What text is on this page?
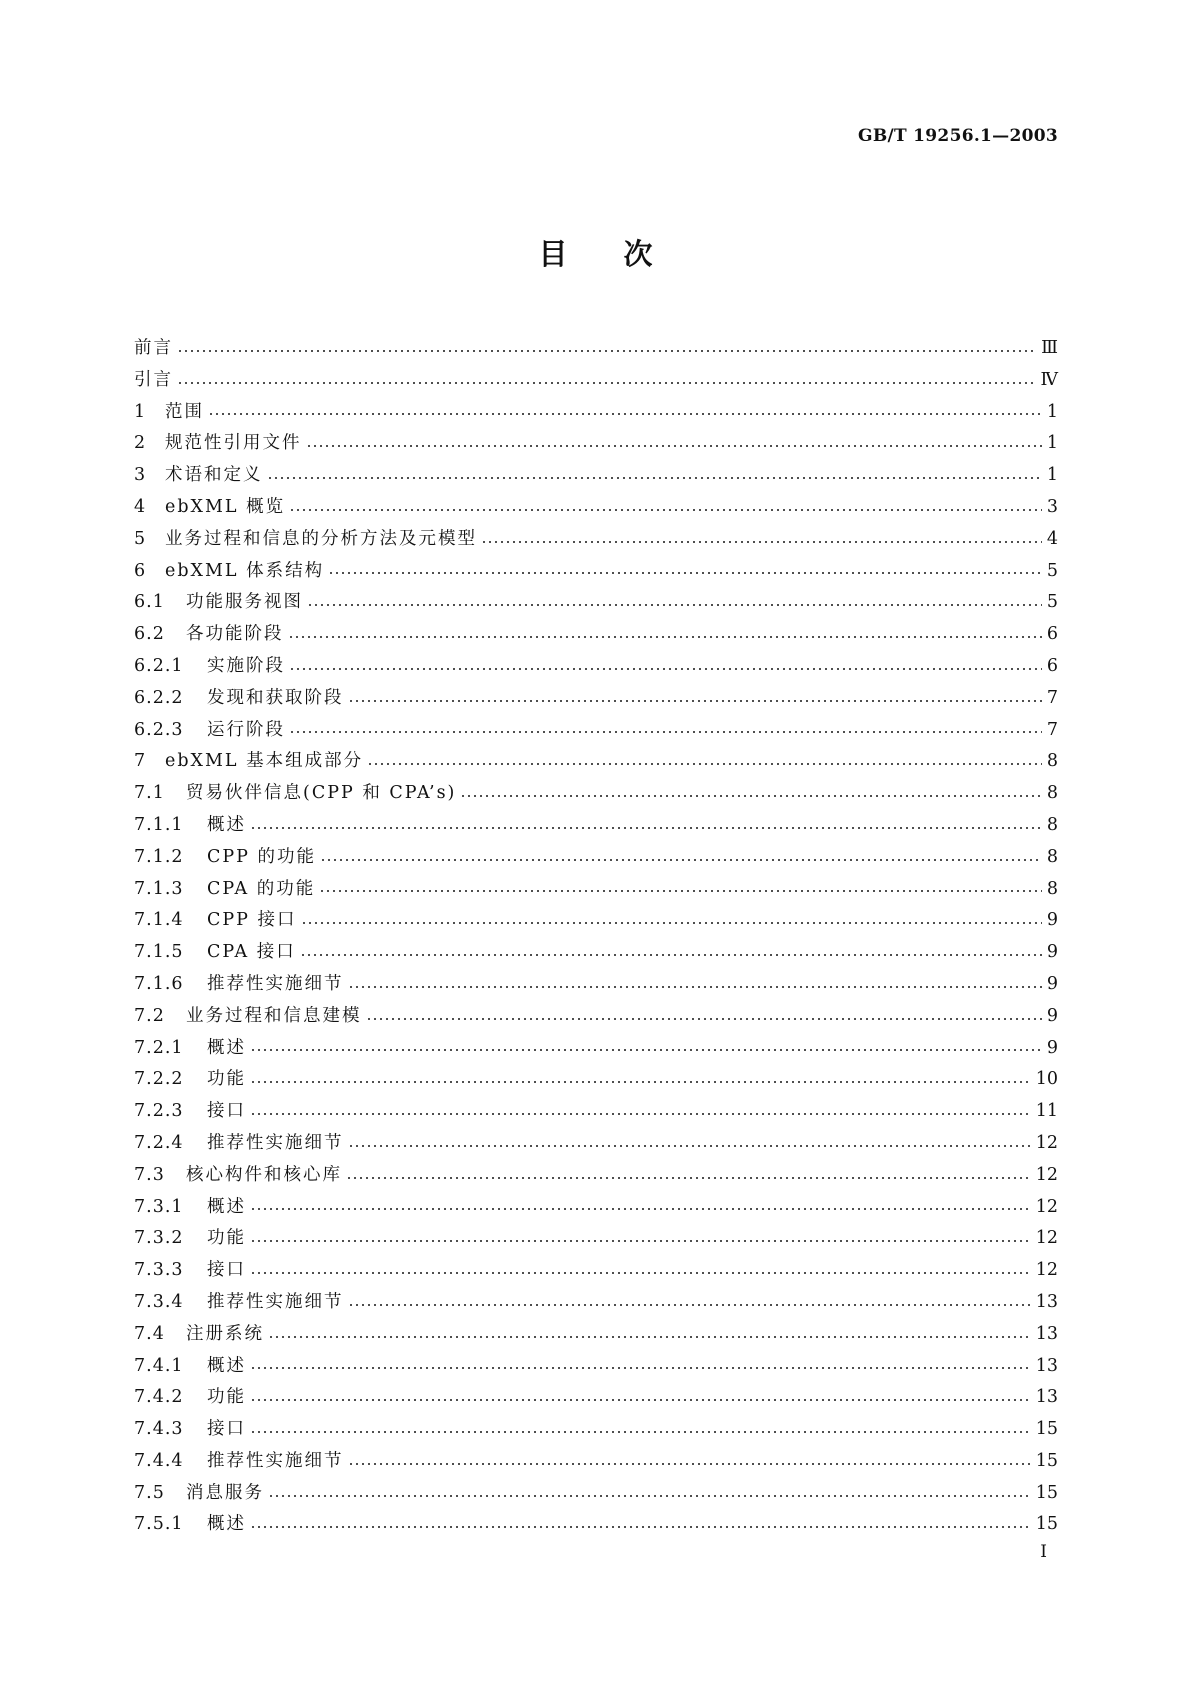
GB/T 19256.1—2003
目 次
前言	Ⅲ
引言	Ⅳ
1	范围	1
2	规范性引用文件	1
3	术语和定义	1
4	ebXML 概览	3
5	业务过程和信息的分析方法及元模型	4
6	ebXML 体系结构	5
6.1	功能服务视图	5
6.2	各功能阶段	6
6.2.1	实施阶段	6
6.2.2	发现和获取阶段	7
6.2.3	运行阶段	7
7	ebXML 基本组成部分	8
7.1	贸易伙伴信息(CPP 和 CPA’s)	8
7.1.1	概述	8
7.1.2	CPP 的功能	8
7.1.3	CPA 的功能	8
7.1.4	CPP 接口	9
7.1.5	CPA 接口	9
7.1.6	推荐性实施细节	9
7.2	业务过程和信息建模	9
7.2.1	概述	9
7.2.2	功能	10
7.2.3	接口	11
7.2.4	推荐性实施细节	12
7.3	核心构件和核心库	12
7.3.1	概述	12
7.3.2	功能	12
7.3.3	接口	12
7.3.4	推荐性实施细节	13
7.4	注册系统	13
7.4.1	概述	13
7.4.2	功能	13
7.4.3	接口	15
7.4.4	推荐性实施细节	15
7.5	消息服务	15
7.5.1	概述	15
I
